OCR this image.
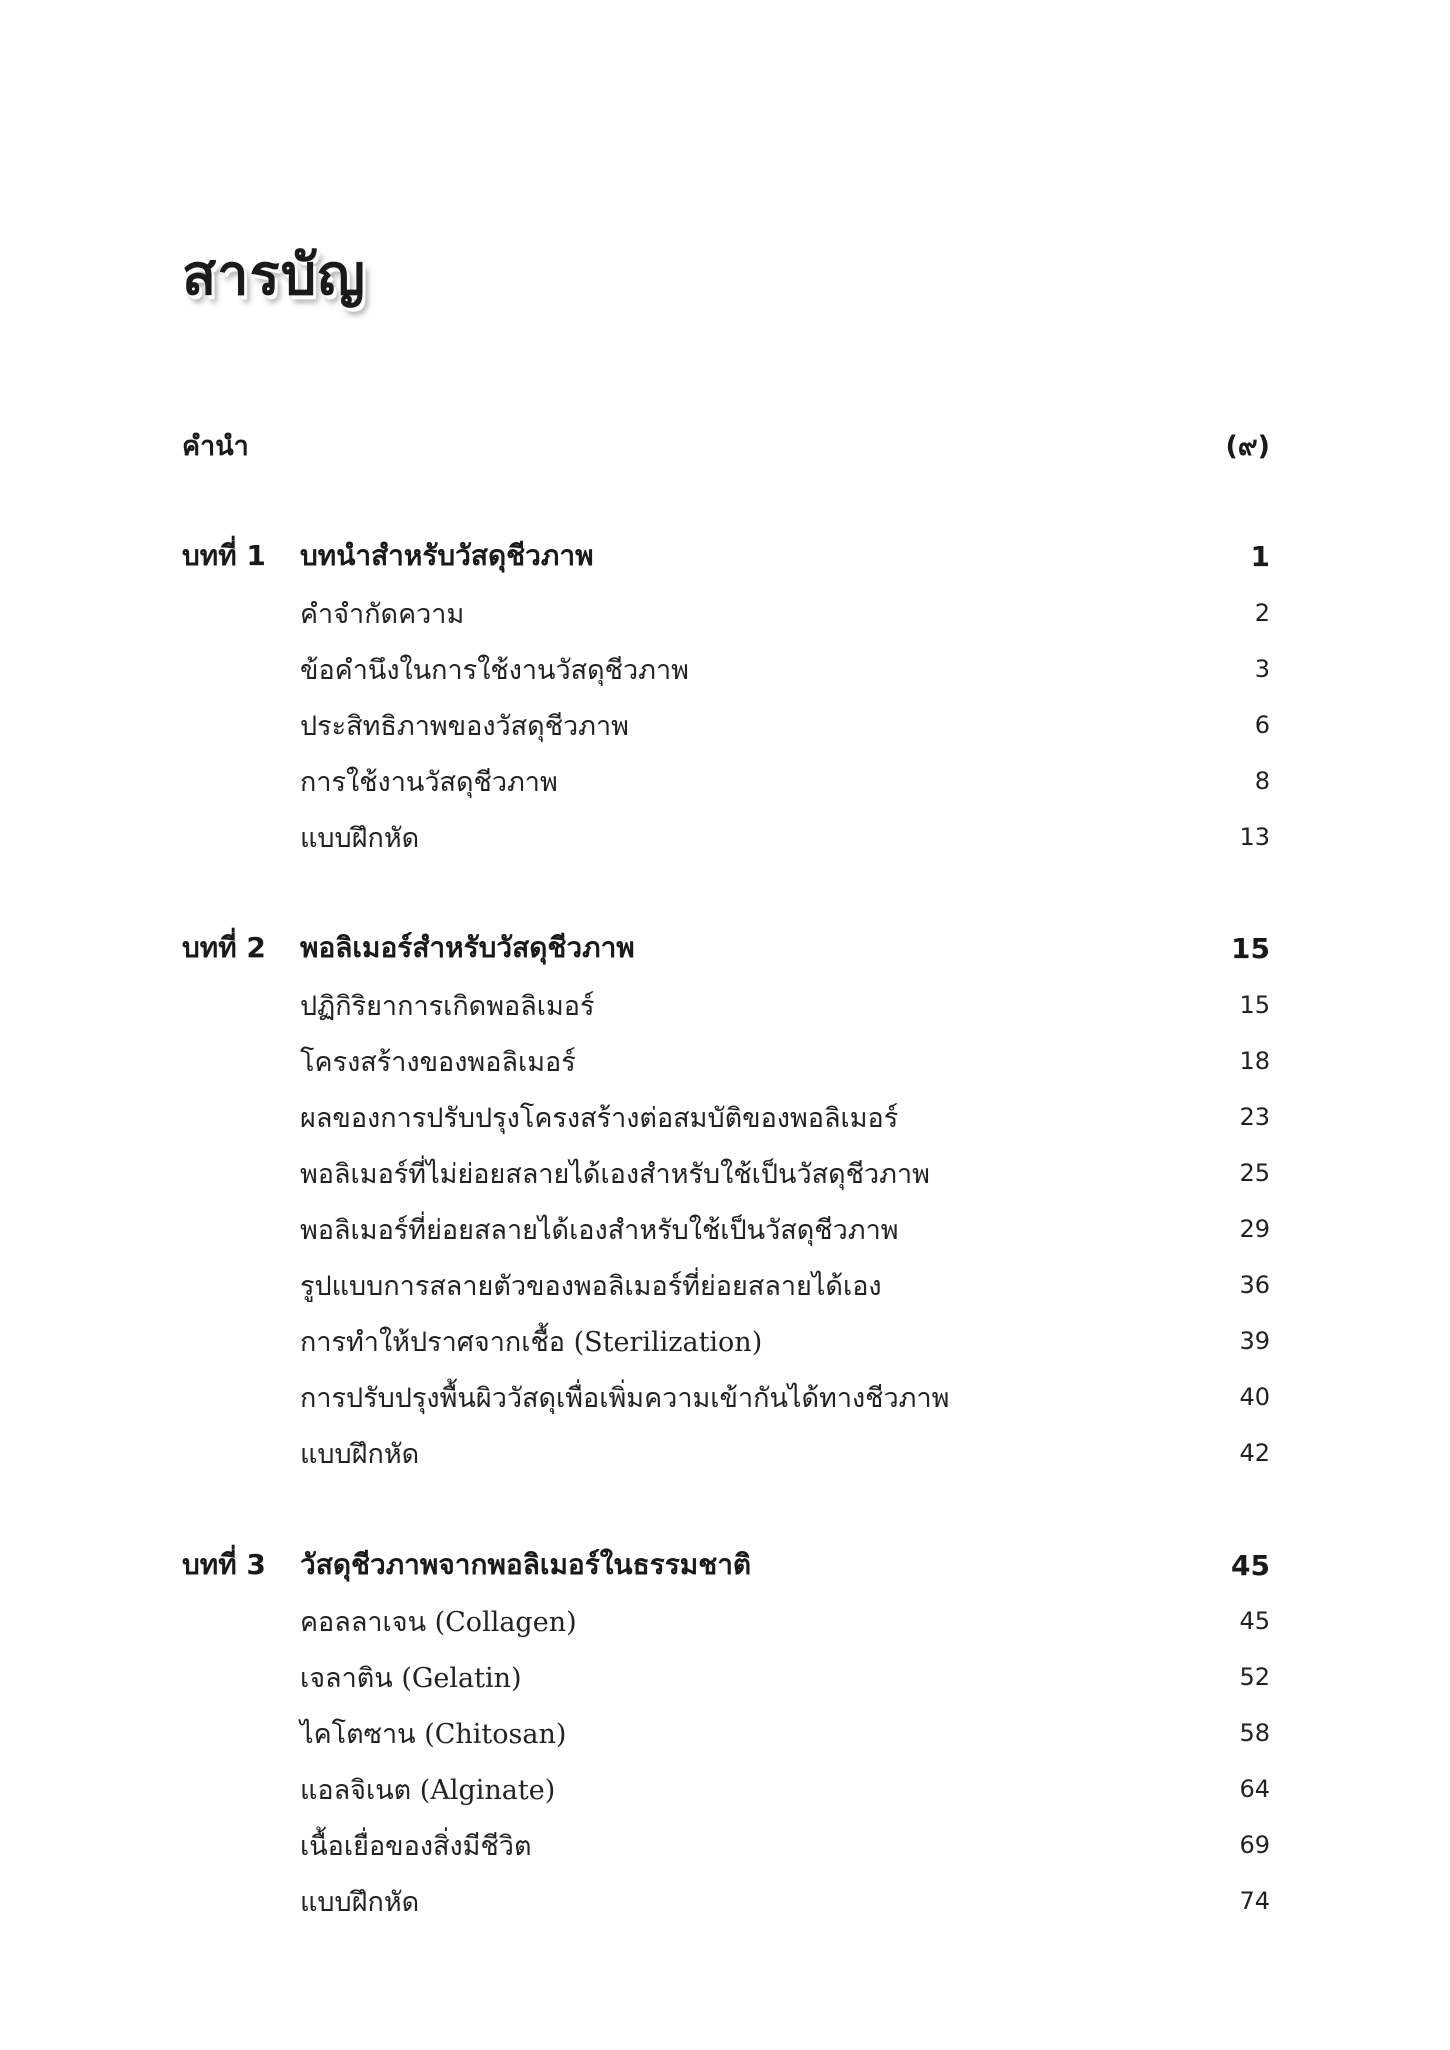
สารบัญ
คำนำ	(๙)
บทที่ 1 บทนำสำหรับวัสดุชีวภาพ	1
คำจำกัดความ	2
ข้อคำนึงในการใช้งานวัสดุชีวภาพ	3
ประสิทธิภาพของวัสดุชีวภาพ	6
การใช้งานวัสดุชีวภาพ	8
แบบฝึกหัด	13
บทที่ 2 พอลิเมอร์สำหรับวัสดุชีวภาพ	15
ปฏิกิริยาการเกิดพอลิเมอร์	15
โครงสร้างของพอลิเมอร์	18
ผลของการปรับปรุงโครงสร้างต่อสมบัติของพอลิเมอร์	23
พอลิเมอร์ที่ไม่ย่อยสลายได้เองสำหรับใช้เป็นวัสดุชีวภาพ	25
พอลิเมอร์ที่ย่อยสลายได้เองสำหรับใช้เป็นวัสดุชีวภาพ	29
รูปแบบการสลายตัวของพอลิเมอร์ที่ย่อยสลายได้เอง	36
การทำให้ปราศจากเชื้อ (Sterilization)	39
การปรับปรุงพื้นผิววัสดุเพื่อเพิ่มความเข้ากันได้ทางชีวภาพ	40
แบบฝึกหัด	42
บทที่ 3 วัสดุชีวภาพจากพอลิเมอร์ในธรรมชาติ	45
คอลลาเจน (Collagen)	45
เจลาติน (Gelatin)	52
ไคโตซาน (Chitosan)	58
แอลจิเนต (Alginate)	64
เนื้อเยื่อของสิ่งมีชีวิต	69
แบบฝึกหัด	74
